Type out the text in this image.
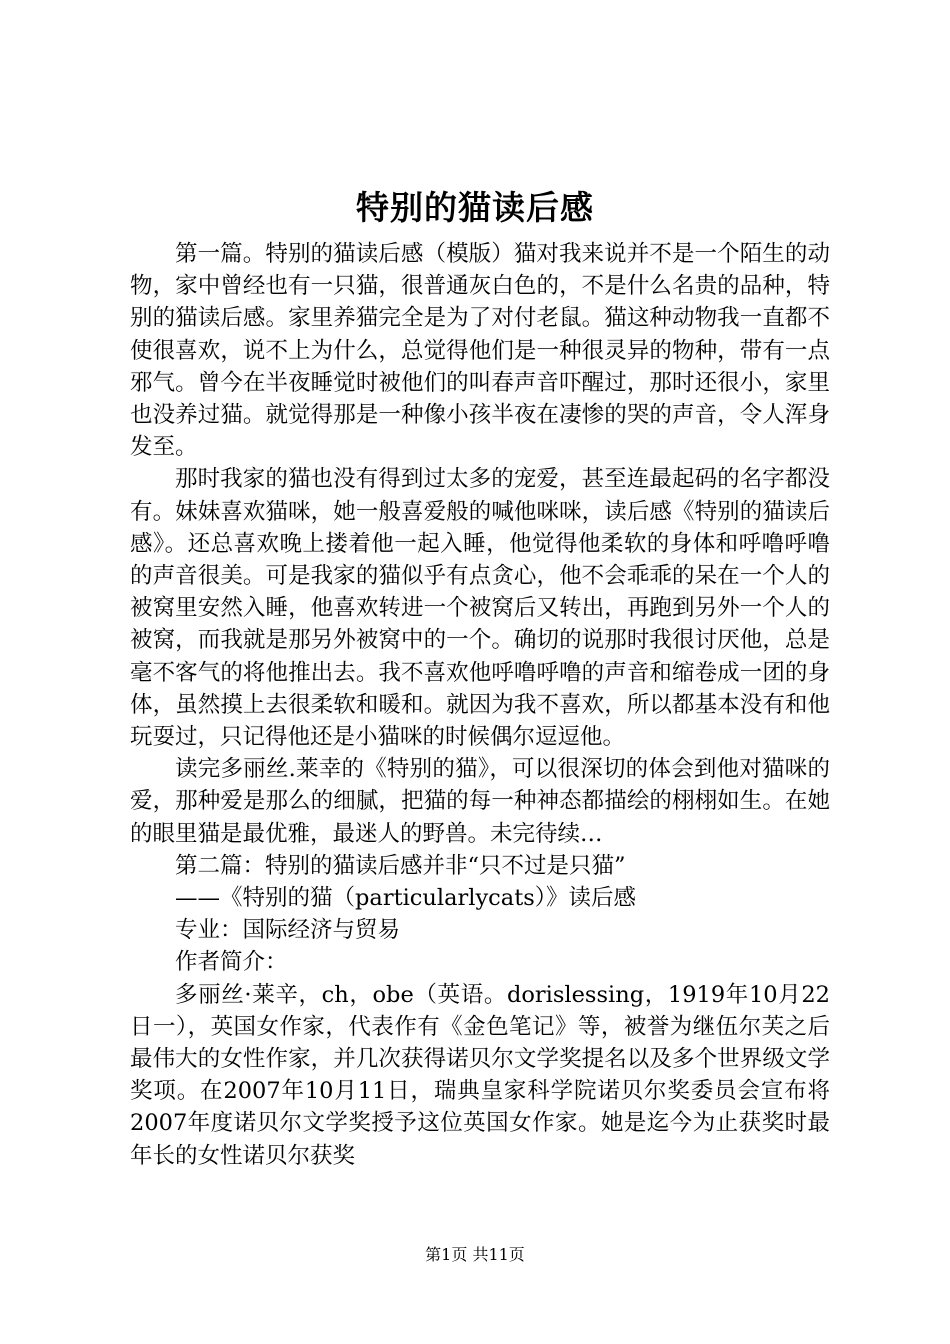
特别的猫读后感

第一篇。特别的猫读后感（模版）猫对我来说并不是一个陌生的动物，家中曾经也有一只猫，很普通灰白色的，不是什么名贵的品种，特别的猫读后感。家里养猫完全是为了对付老鼠。猫这种动物我一直都不使很喜欢，说不上为什么，总觉得他们是一种很灵异的物种，带有一点邪气。曾今在半夜睡觉时被他们的叫春声音吓醒过，那时还很小，家里也没养过猫。就觉得那是一种像小孩半夜在凄惨的哭的声音，令人浑身发至。

那时我家的猫也没有得到过太多的宠爱，甚至连最起码的名字都没有。妹妹喜欢猫咪，她一般喜爱般的喊他咪咪，读后感《特别的猫读后感》。还总喜欢晚上搂着他一起入睡，他觉得他柔软的身体和呼噜呼噜的声音很美。可是我家的猫似乎有点贪心，他不会乖乖的呆在一个人的被窝里安然入睡，他喜欢转进一个被窝后又转出，再跑到另外一个人的被窝，而我就是那另外被窝中的一个。确切的说那时我很讨厌他，总是毫不客气的将他推出去。我不喜欢他呼噜呼噜的声音和缩卷成一团的身体，虽然摸上去很柔软和暖和。就因为我不喜欢，所以都基本没有和他玩耍过，只记得他还是小猫咪的时候偶尔逗逗他。

读完多丽丝.莱幸的《特别的猫》，可以很深切的体会到他对猫咪的爱，那种爱是那么的细腻，把猫的每一种神态都描绘的栩栩如生。在她的眼里猫是最优雅，最迷人的野兽。未完待续…

第二篇：特别的猫读后感并非“只不过是只猫”

——《特别的猫（particularlycats）》读后感

专业：国际经济与贸易

作者简介：

多丽丝·莱辛，ch，obe（英语。dorislessing，1919年10月22日一），英国女作家，代表作有《金色笔记》等，被誉为继伍尔芙之后最伟大的女性作家，并几次获得诺贝尔文学奖提名以及多个世界级文学奖项。在2007年10月11日，瑞典皇家科学院诺贝尔奖委员会宣布将2007年度诺贝尔文学奖授予这位英国女作家。她是迄今为止获奖时最年长的女性诺贝尔获奖

第1页 共11页
